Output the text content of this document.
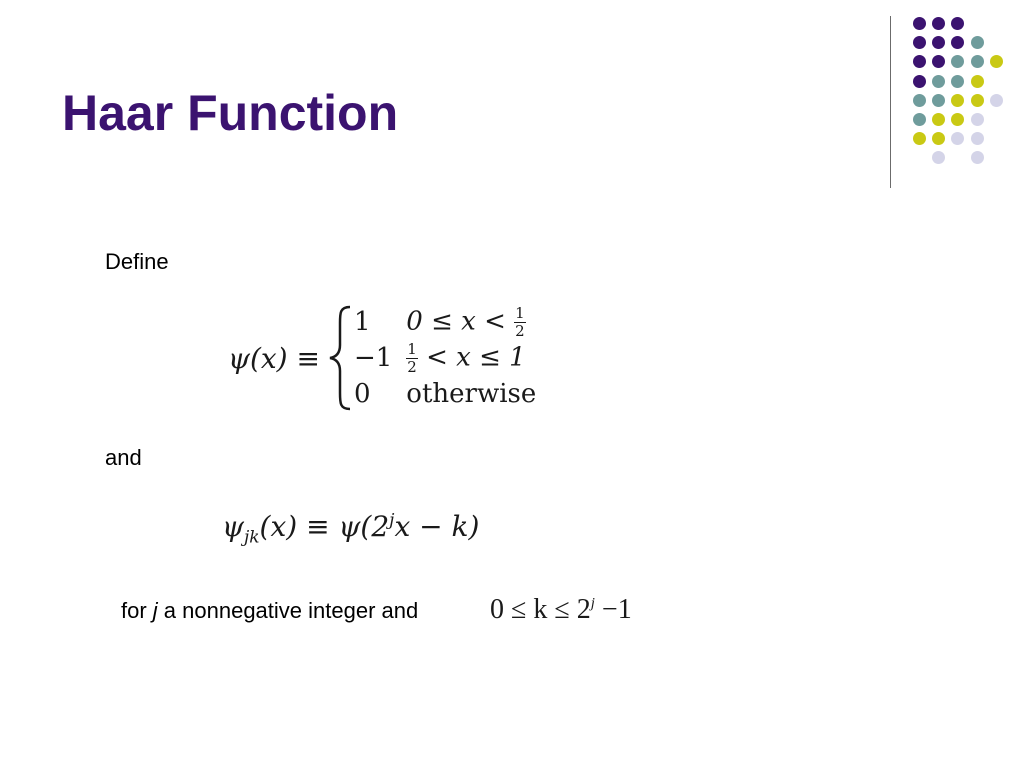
Haar Function
Define
ψ(x) ≡
1	$0 \le x < \frac{1}{2}$

−1	$\frac{1}{2} < x \le 1$
0	otherwise
and
$\psi_{jk}(x) \equiv \psi(2^jx - k)$
for j a nonnegative integer and	$0 \le k \le 2^j -1$
